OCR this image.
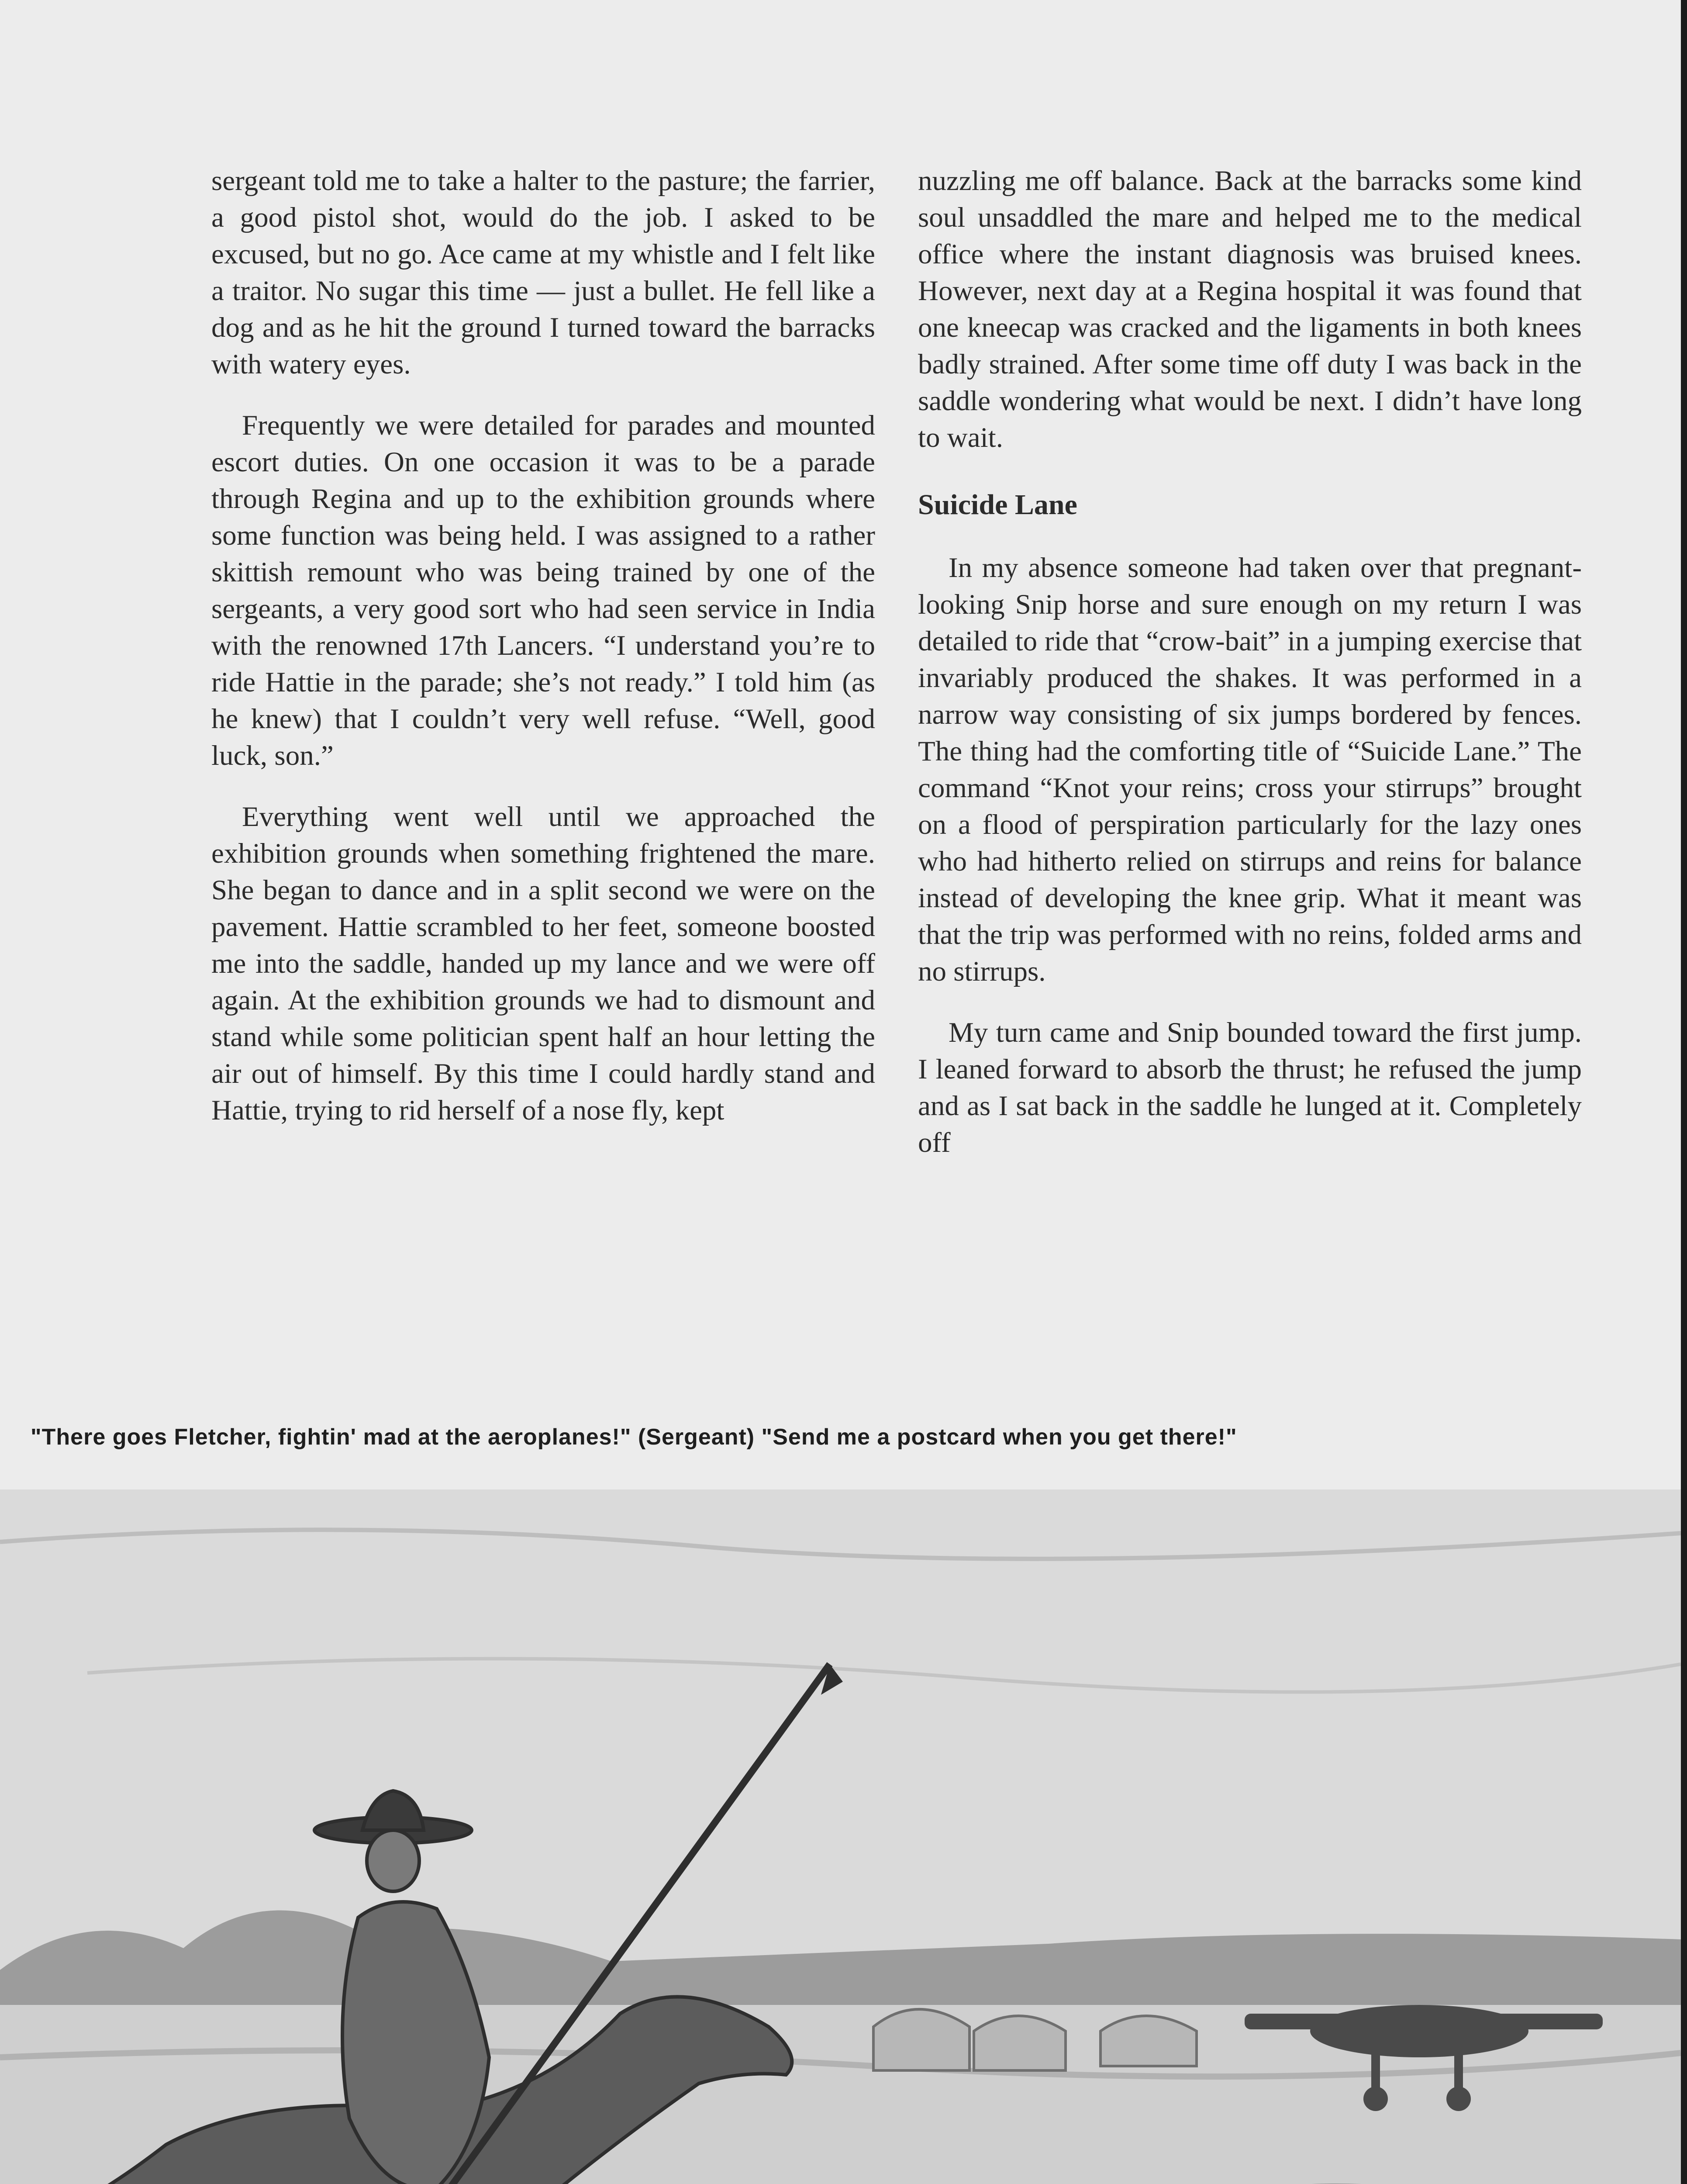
sergeant told me to take a halter to the pasture; the farrier, a good pistol shot, would do the job. I asked to be excused, but no go. Ace came at my whistle and I felt like a traitor. No sugar this time — just a bullet. He fell like a dog and as he hit the ground I turned toward the barracks with watery eyes.

Frequently we were detailed for parades and mounted escort duties. On one occasion it was to be a parade through Regina and up to the exhibition grounds where some function was being held. I was assigned to a rather skittish remount who was being trained by one of the sergeants, a very good sort who had seen service in India with the renowned 17th Lancers. “I understand you’re to ride Hattie in the parade; she’s not ready.” I told him (as he knew) that I couldn’t very well refuse. “Well, good luck, son.”

Everything went well until we approached the exhibition grounds when something frightened the mare. She began to dance and in a split second we were on the pavement. Hattie scrambled to her feet, someone boosted me into the saddle, handed up my lance and we were off again. At the exhibition grounds we had to dismount and stand while some politician spent half an hour letting the air out of himself. By this time I could hardly stand and Hattie, trying to rid herself of a nose fly, kept

nuzzling me off balance. Back at the barracks some kind soul unsaddled the mare and helped me to the medical office where the instant diagnosis was bruised knees. However, next day at a Regina hospital it was found that one kneecap was cracked and the ligaments in both knees badly strained. After some time off duty I was back in the saddle wondering what would be next. I didn’t have long to wait.

Suicide Lane

In my absence someone had taken over that pregnant-looking Snip horse and sure enough on my return I was detailed to ride that “crow-bait” in a jumping exercise that invariably produced the shakes. It was performed in a narrow way consisting of six jumps bordered by fences. The thing had the comforting title of “Suicide Lane.” The command “Knot your reins; cross your stirrups” brought on a flood of perspiration particularly for the lazy ones who had hitherto relied on stirrups and reins for balance instead of developing the knee grip. What it meant was that the trip was performed with no reins, folded arms and no stirrups.

My turn came and Snip bounded toward the first jump. I leaned forward to absorb the thrust; he refused the jump and as I sat back in the saddle he lunged at it. Completely off

"There goes Fletcher, fightin' mad at the aeroplanes!" (Sergeant) "Send me a postcard when you get there!"
